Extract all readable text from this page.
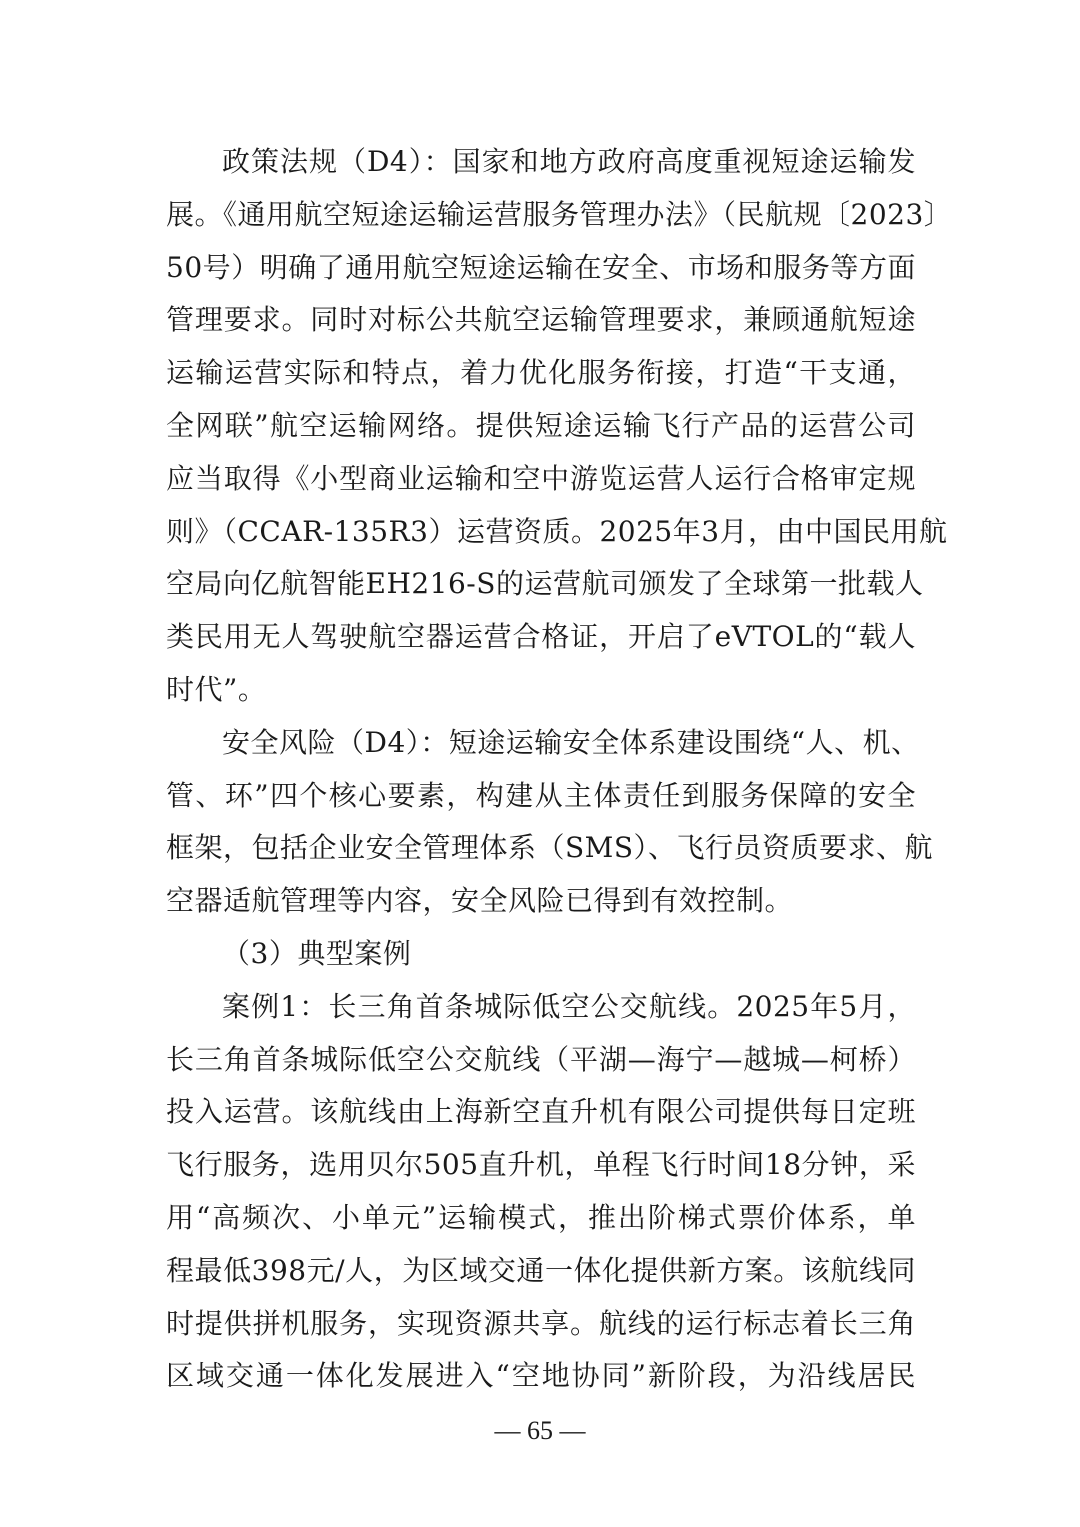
政策法规（D4）：国家和地方政府高度重视短途运输发
展。《通用航空短途运输运营服务管理办法》（民航规〔2023〕
50号）明确了通用航空短途运输在安全、市场和服务等方面
管理要求。同时对标公共航空运输管理要求，兼顾通航短途
运输运营实际和特点，着力优化服务衔接，打造“干支通，
全网联”航空运输网络。提供短途运输飞行产品的运营公司
应当取得《小型商业运输和空中游览运营人运行合格审定规
则》（CCAR-135R3）运营资质。2025年3月，由中国民用航
空局向亿航智能EH216-S的运营航司颁发了全球第一批载人
类民用无人驾驶航空器运营合格证，开启了eVTOL的“载人
时代”。
安全风险（D4）：短途运输安全体系建设围绕“人、机、
管、环”四个核心要素，构建从主体责任到服务保障的安全
框架，包括企业安全管理体系（SMS）、飞行员资质要求、航
空器适航管理等内容，安全风险已得到有效控制。
（3）典型案例
案例1：长三角首条城际低空公交航线。2025年5月，
长三角首条城际低空公交航线（平湖—海宁—越城—柯桥）
投入运营。该航线由上海新空直升机有限公司提供每日定班
飞行服务，选用贝尔505直升机，单程飞行时间18分钟，采
用“高频次、小单元”运输模式，推出阶梯式票价体系，单
程最低398元/人，为区域交通一体化提供新方案。该航线同
时提供拼机服务，实现资源共享。航线的运行标志着长三角
区域交通一体化发展进入“空地协同”新阶段，为沿线居民
— 65 —
